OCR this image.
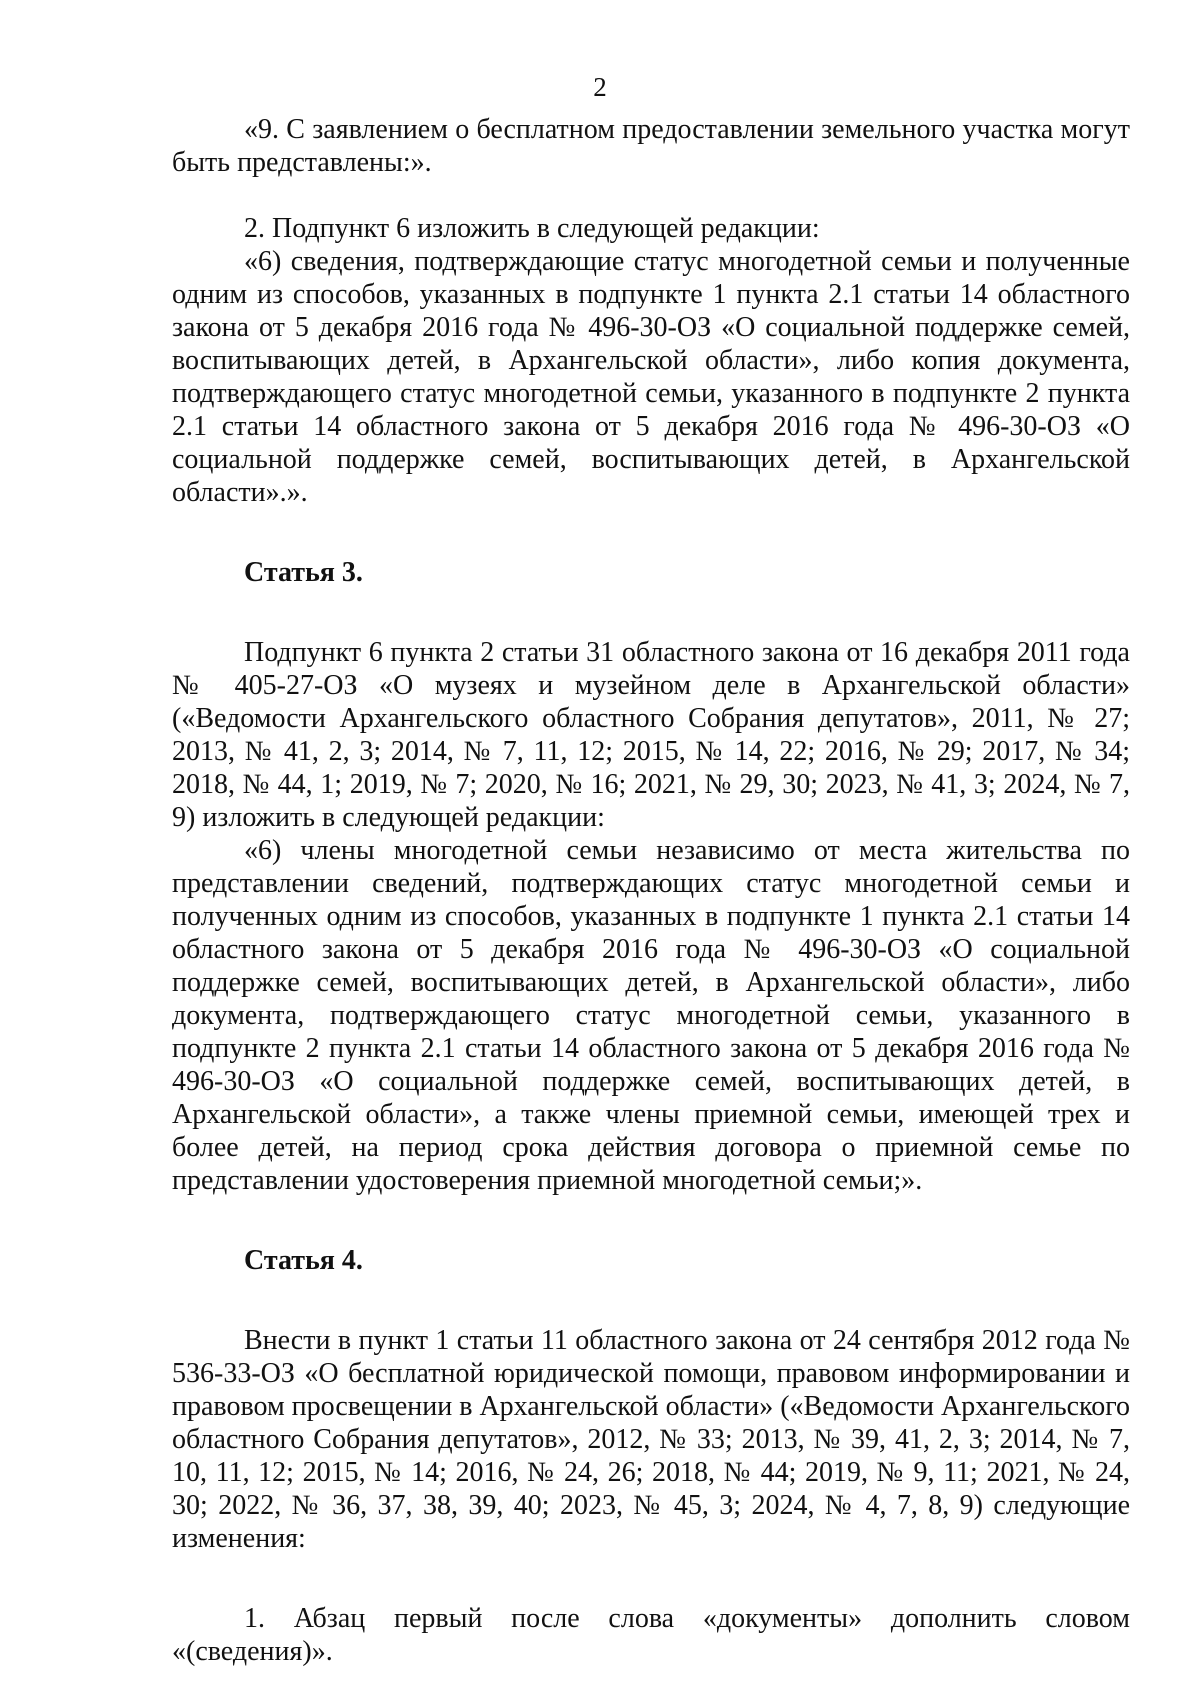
2

«9. С заявлением о бесплатном предоставлении земельного участка могут быть представлены:».

2. Подпункт 6 изложить в следующей редакции:

«6) сведения, подтверждающие статус многодетной семьи и полученные одним из способов, указанных в подпункте 1 пункта 2.1 статьи 14 областного закона от 5 декабря 2016 года № 496-30-ОЗ «О социальной поддержке семей, воспитывающих детей, в Архангельской области», либо копия документа, подтверждающего статус многодетной семьи, указанного в подпункте 2 пункта 2.1 статьи 14 областного закона от 5 декабря 2016 года № 496-30-ОЗ «О социальной поддержке семей, воспитывающих детей, в Архангельской области».».

Статья 3.

Подпункт 6 пункта 2 статьи 31 областного закона от 16 декабря 2011 года № 405-27-ОЗ «О музеях и музейном деле в Архангельской области» («Ведомости Архангельского областного Собрания депутатов», 2011, № 27; 2013, № 41, 2, 3; 2014, № 7, 11, 12; 2015, № 14, 22; 2016, № 29; 2017, № 34; 2018, № 44, 1; 2019, № 7; 2020, № 16; 2021, № 29, 30; 2023, № 41, 3; 2024, № 7, 9) изложить в следующей редакции:

«6) члены многодетной семьи независимо от места жительства по представлении сведений, подтверждающих статус многодетной семьи и полученных одним из способов, указанных в подпункте 1 пункта 2.1 статьи 14 областного закона от 5 декабря 2016 года № 496-30-ОЗ «О социальной поддержке семей, воспитывающих детей, в Архангельской области», либо документа, подтверждающего статус многодетной семьи, указанного в подпункте 2 пункта 2.1 статьи 14 областного закона от 5 декабря 2016 года № 496-30-ОЗ «О социальной поддержке семей, воспитывающих детей, в Архангельской области», а также члены приемной семьи, имеющей трех и более детей, на период срока действия договора о приемной семье по представлении удостоверения приемной многодетной семьи;».

Статья 4.

Внести в пункт 1 статьи 11 областного закона от 24 сентября 2012 года № 536-33-ОЗ «О бесплатной юридической помощи, правовом информировании и правовом просвещении в Архангельской области» («Ведомости Архангельского областного Собрания депутатов», 2012, № 33; 2013, № 39, 41, 2, 3; 2014, № 7, 10, 11, 12; 2015, № 14; 2016, № 24, 26; 2018, № 44; 2019, № 9, 11; 2021, № 24, 30; 2022, № 36, 37, 38, 39, 40; 2023, № 45, 3; 2024, № 4, 7, 8, 9) следующие изменения:

1. Абзац первый после слова «документы» дополнить словом «(сведения)».
